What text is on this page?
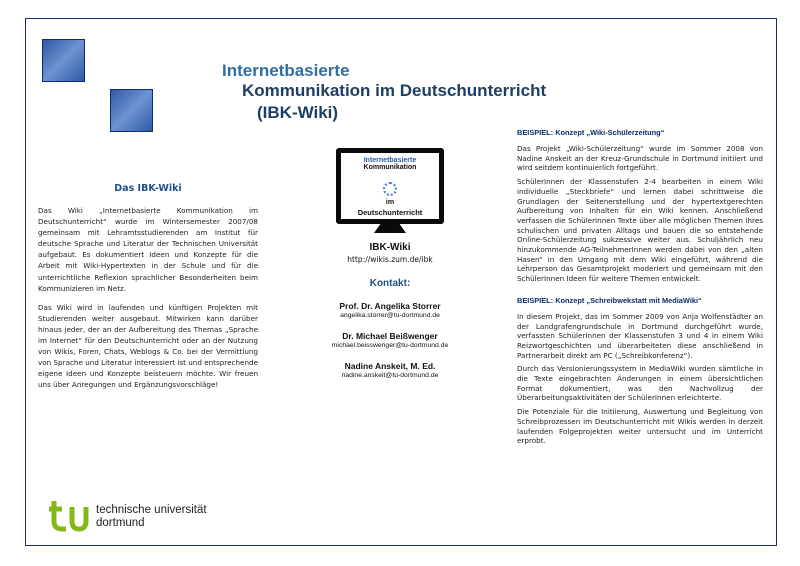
Internetbasierte
Kommunikation im Deutschunterricht
(IBK-Wiki)
Das IBK-Wiki

Das Wiki „Internetbasierte Kommunikation im Deutschunterricht“ wurde im Wintersemester 2007/08 gemeinsam mit Lehramtsstudierenden am Institut für deutsche Sprache und Literatur der Technischen Universität aufgebaut. Es dokumentiert Ideen und Konzepte für die Arbeit mit Wiki-Hypertexten in der Schule und für die unterrichtliche Reflexion sprachlicher Besonderheiten beim Kommunizieren im Netz.

Das Wiki wird in laufenden und künftigen Projekten mit Studierenden weiter ausgebaut. Mitwirken kann darüber hinaus jeder, der an der Aufbereitung des Themas „Sprache im Internet“ für den Deutschunterricht oder an der Nutzung von Wikis, Foren, Chats, Weblogs & Co. bei der Vermittlung von Sprache und Literatur interessiert ist und entsprechende eigene Ideen und Konzepte beisteuern möchte. Wir freuen uns über Anregungen und Ergänzungsvorschläge!

Internetbasierte
Kommunikation
im
Deutschunterricht
IBK-Wiki
http://wikis.zum.de/ibk
Kontakt:
Prof. Dr. Angelika Storrer
angelika.storrer@tu-dortmund.de
Dr. Michael Beißwenger
michael.beisswenger@tu-dortmund.de
Nadine Anskeit, M. Ed.
nadine.anskeit@tu-dortmund.de
BEISPIEL: Konzept „Wiki-Schülerzeitung“

Das Projekt „Wiki-Schülerzeitung“ wurde im Sommer 2008 von Nadine Anskeit an der Kreuz-Grundschule in Dortmund initiiert und wird seitdem kontinuierlich fortgeführt.

SchülerInnen der Klassenstufen 2-4 bearbeiten in einem Wiki individuelle „Steckbriefe“ und lernen dabei schrittweise die Grundlagen der Seitenerstellung und der hypertextgerechten Aufbereitung von Inhalten für ein Wiki kennen. Anschließend verfassen die SchülerInnen Texte über alle möglichen Themen ihres schulischen und privaten Alltags und bauen die so entstehende Online-Schülerzeitung sukzessive weiter aus. Schuljährlich neu hinzukommende AG-TeilnehmerInnen werden dabei von den „alten Hasen“ in den Umgang mit dem Wiki eingeführt, während die Lehrperson das Gesamtprojekt moderiert und gemeinsam mit den SchülerInnen Ideen für weitere Themen entwickelt.

BEISPIEL: Konzept „Schreibwekstatt mit MediaWiki“

In diesem Projekt, das im Sommer 2009 von Anja Wolfenstädter an der Landgrafengrundschule in Dortmund durchgeführt wurde, verfassten SchülerInnen der Klassenstufen 3 und 4 in einem Wiki Reizwortgeschichten und überarbeiteten diese anschließend in Partnerarbeit direkt am PC („Schreibkonferenz“).

Durch das Versionierungssystem in MediaWiki wurden sämtliche in die Texte eingebrachten Änderungen in einem übersichtlichen Format dokumentiert, was den Nachvollzug der Überarbeitungsaktivitäten der SchülerInnen erleichterte.

Die Potenziale für die Initiierung, Auswertung und Begleitung von Schreibprozessen im Deutschunterricht mit Wikis werden in derzeit laufenden Folgeprojekten weiter untersucht und im Unterricht erprobt.

technische universität
dortmund
